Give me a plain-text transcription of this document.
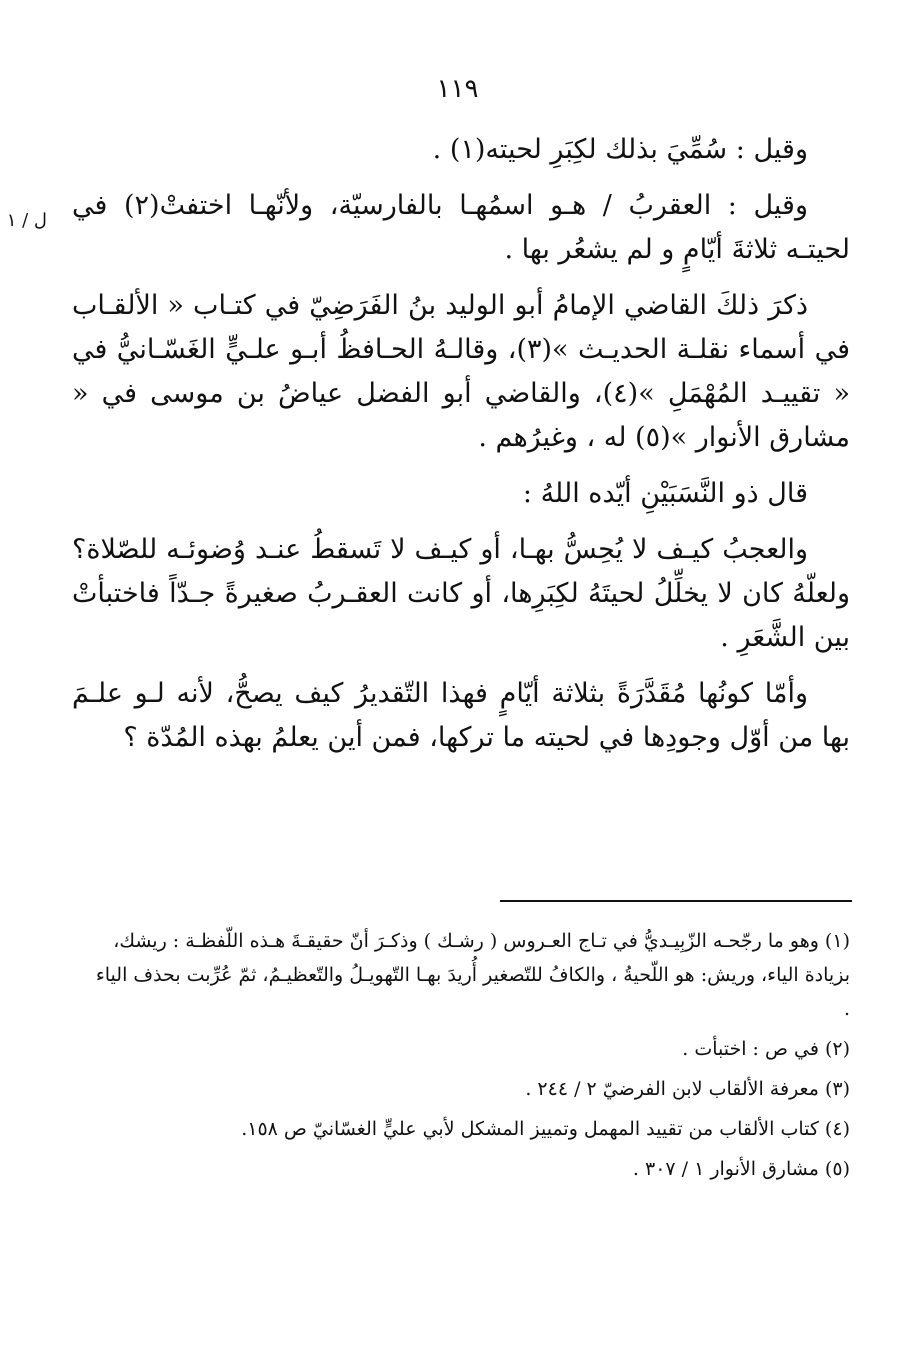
١١٩
ل / ١

وقيل : سُمِّيَ بذلك لكِبَرِ لحيته(١) .

وقيل : العقربُ / هـو اسمُهـا بالفارسيّة، ولأنّهـا اختفتْ(٢) في لحيتـه ثلاثةَ أيّامٍ و لم يشعُر بها .

ذكرَ ذلكَ القاضي الإمامُ أبو الوليد بنُ الفَرَضِيّ في كتـاب « الألقـاب في أسماء نقلـة الحديـث »(٣)، وقالـهُ الحـافظُ أبـو علـيٍّ الغَسّـانيُّ في « تقييـد المُهْمَلِ »(٤)، والقاضي أبو الفضل عياضُ بن موسى في « مشارق الأنوار »(٥) له ، وغيرُهم .

قال ذو النَّسَبَيْنِ أيّده اللهُ :

والعجبُ كيـف لا يُحِسُّ بهـا، أو كيـف لا تَسقطُ عنـد وُضوئـه للصّلاة؟ ولعلّهُ كان لا يخلِّلُ لحيتَهُ لكِبَرِها، أو كانت العقـربُ صغيرةً جـدّاً فاختبأتْ بين الشَّعَرِ .

وأمّا كونُها مُقَدَّرَةً بثلاثة أيّامٍ فهذا التّقديرُ كيف يصحُّ، لأنه لـو علـمَ بها من أوّل وجودِها في لحيته ما تركها، فمن أين يعلمُ بهذه المُدّة ؟

(١) وهو ما رجّحـه الزّبِيـديُّ في تـاج العـروس ( رشـك ) وذكـرَ أنّ حقيقـةَ هـذه اللّفظـة : ريشك، بزيادة الياء، وريش: هو اللّحيةُ ، والكافُ للتّصغير أُريدَ بهـا التّهويـلُ والتّعظيـمُ، ثمّ عُرِّبت بحذف الياء .

(٢) في ص : اختبأت .

(٣) معرفة الألقاب لابن الفرضيّ ٢ / ٢٤٤ .

(٤) كتاب الألقاب من تقييد المهمل وتمييز المشكل لأبي عليٍّ الغسّانيّ ص ١٥٨.

(٥) مشارق الأنوار ١ / ٣٠٧ .
